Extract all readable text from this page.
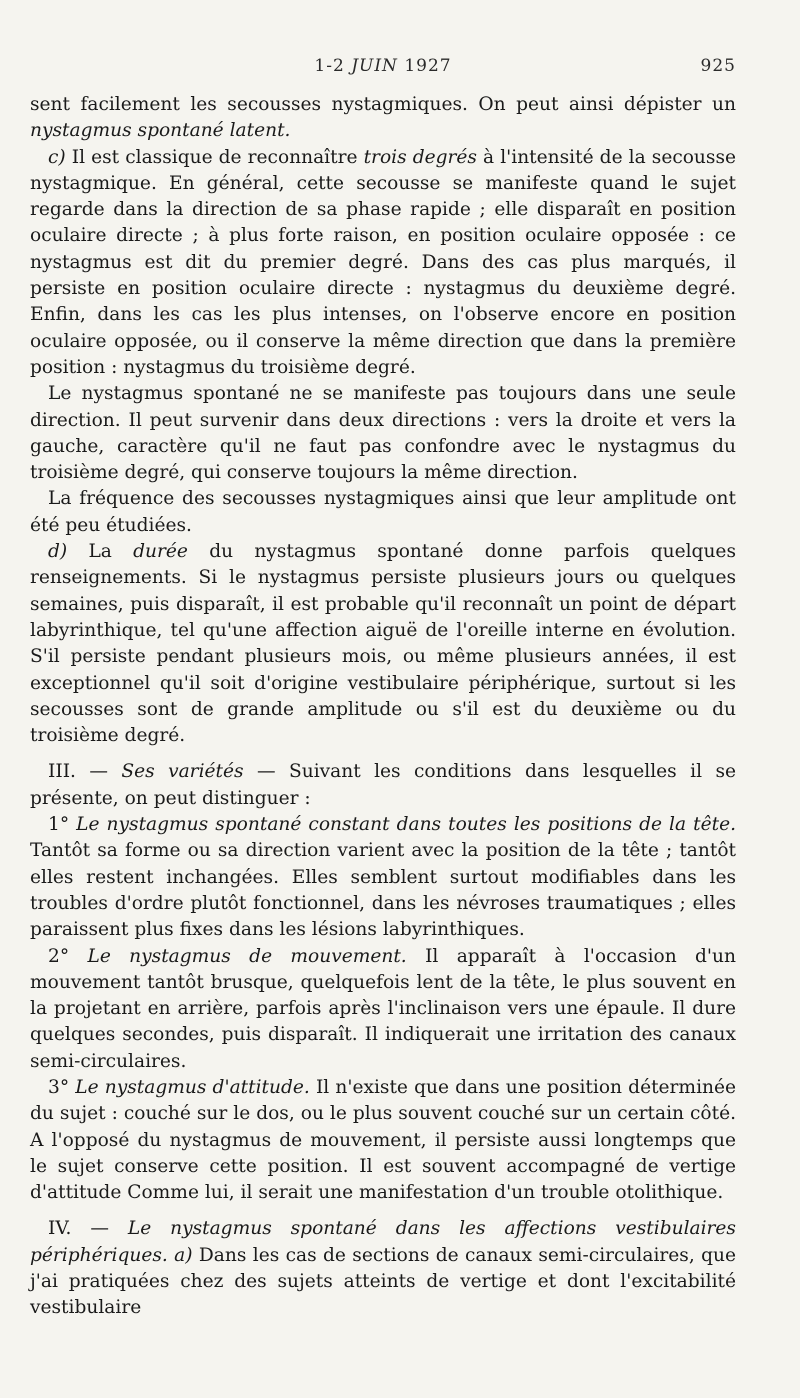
1-2 JUIN 1927	925

sent facilement les secousses nystagmiques. On peut ainsi dépister un nystagmus spontané latent.

c) Il est classique de reconnaître trois degrés à l'intensité de la secousse nystagmique. En général, cette secousse se manifeste quand le sujet regarde dans la direction de sa phase rapide ; elle disparaît en position oculaire directe ; à plus forte raison, en position oculaire opposée : ce nystagmus est dit du premier degré. Dans des cas plus marqués, il persiste en position oculaire directe : nystagmus du deuxième degré. Enfin, dans les cas les plus intenses, on l'observe encore en position oculaire opposée, ou il conserve la même direction que dans la première position : nystagmus du troisième degré.

Le nystagmus spontané ne se manifeste pas toujours dans une seule direction. Il peut survenir dans deux directions : vers la droite et vers la gauche, caractère qu'il ne faut pas confondre avec le nystagmus du troisième degré, qui conserve toujours la même direction.

La fréquence des secousses nystagmiques ainsi que leur amplitude ont été peu étudiées.

d) La durée du nystagmus spontané donne parfois quelques renseignements. Si le nystagmus persiste plusieurs jours ou quelques semaines, puis disparaît, il est probable qu'il reconnaît un point de départ labyrinthique, tel qu'une affection aiguë de l'oreille interne en évolution. S'il persiste pendant plusieurs mois, ou même plusieurs années, il est exceptionnel qu'il soit d'origine vestibulaire périphérique, surtout si les secousses sont de grande amplitude ou s'il est du deuxième ou du troisième degré.

III. — Ses variétés — Suivant les conditions dans lesquelles il se présente, on peut distinguer :

1° Le nystagmus spontané constant dans toutes les positions de la tête. Tantôt sa forme ou sa direction varient avec la position de la tête ; tantôt elles restent inchangées. Elles semblent surtout modifiables dans les troubles d'ordre plutôt fonctionnel, dans les névroses traumatiques ; elles paraissent plus fixes dans les lésions labyrinthiques.

2° Le nystagmus de mouvement. Il apparaît à l'occasion d'un mouvement tantôt brusque, quelquefois lent de la tête, le plus souvent en la projetant en arrière, parfois après l'inclinaison vers une épaule. Il dure quelques secondes, puis disparaît. Il indiquerait une irritation des canaux semi-circulaires.

3° Le nystagmus d'attitude. Il n'existe que dans une position déterminée du sujet : couché sur le dos, ou le plus souvent couché sur un certain côté. A l'opposé du nystagmus de mouvement, il persiste aussi longtemps que le sujet conserve cette position. Il est souvent accompagné de vertige d'attitude Comme lui, il serait une manifestation d'un trouble otolithique.

IV. — Le nystagmus spontané dans les affections vestibulaires périphériques. a) Dans les cas de sections de canaux semi-circulaires, que j'ai pratiquées chez des sujets atteints de vertige et dont l'excitabilité vestibulaire
